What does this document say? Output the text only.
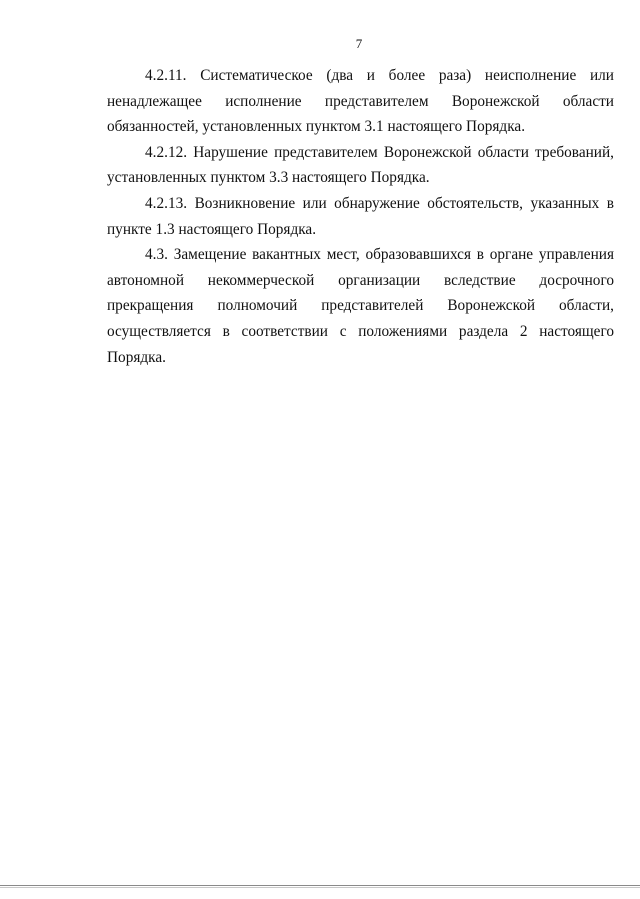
7

4.2.11. Систематическое (два и более раза) неисполнение или ненадлежащее исполнение представителем Воронежской области обязанностей, установленных пунктом 3.1 настоящего Порядка.

4.2.12. Нарушение представителем Воронежской области требований, установленных пунктом 3.3 настоящего Порядка.

4.2.13. Возникновение или обнаружение обстоятельств, указанных в пункте 1.3 настоящего Порядка.

4.3. Замещение вакантных мест, образовавшихся в органе управления автономной некоммерческой организации вследствие досрочного прекращения полномочий представителей Воронежской области, осуществляется в соответствии с положениями раздела 2 настоящего Порядка.
